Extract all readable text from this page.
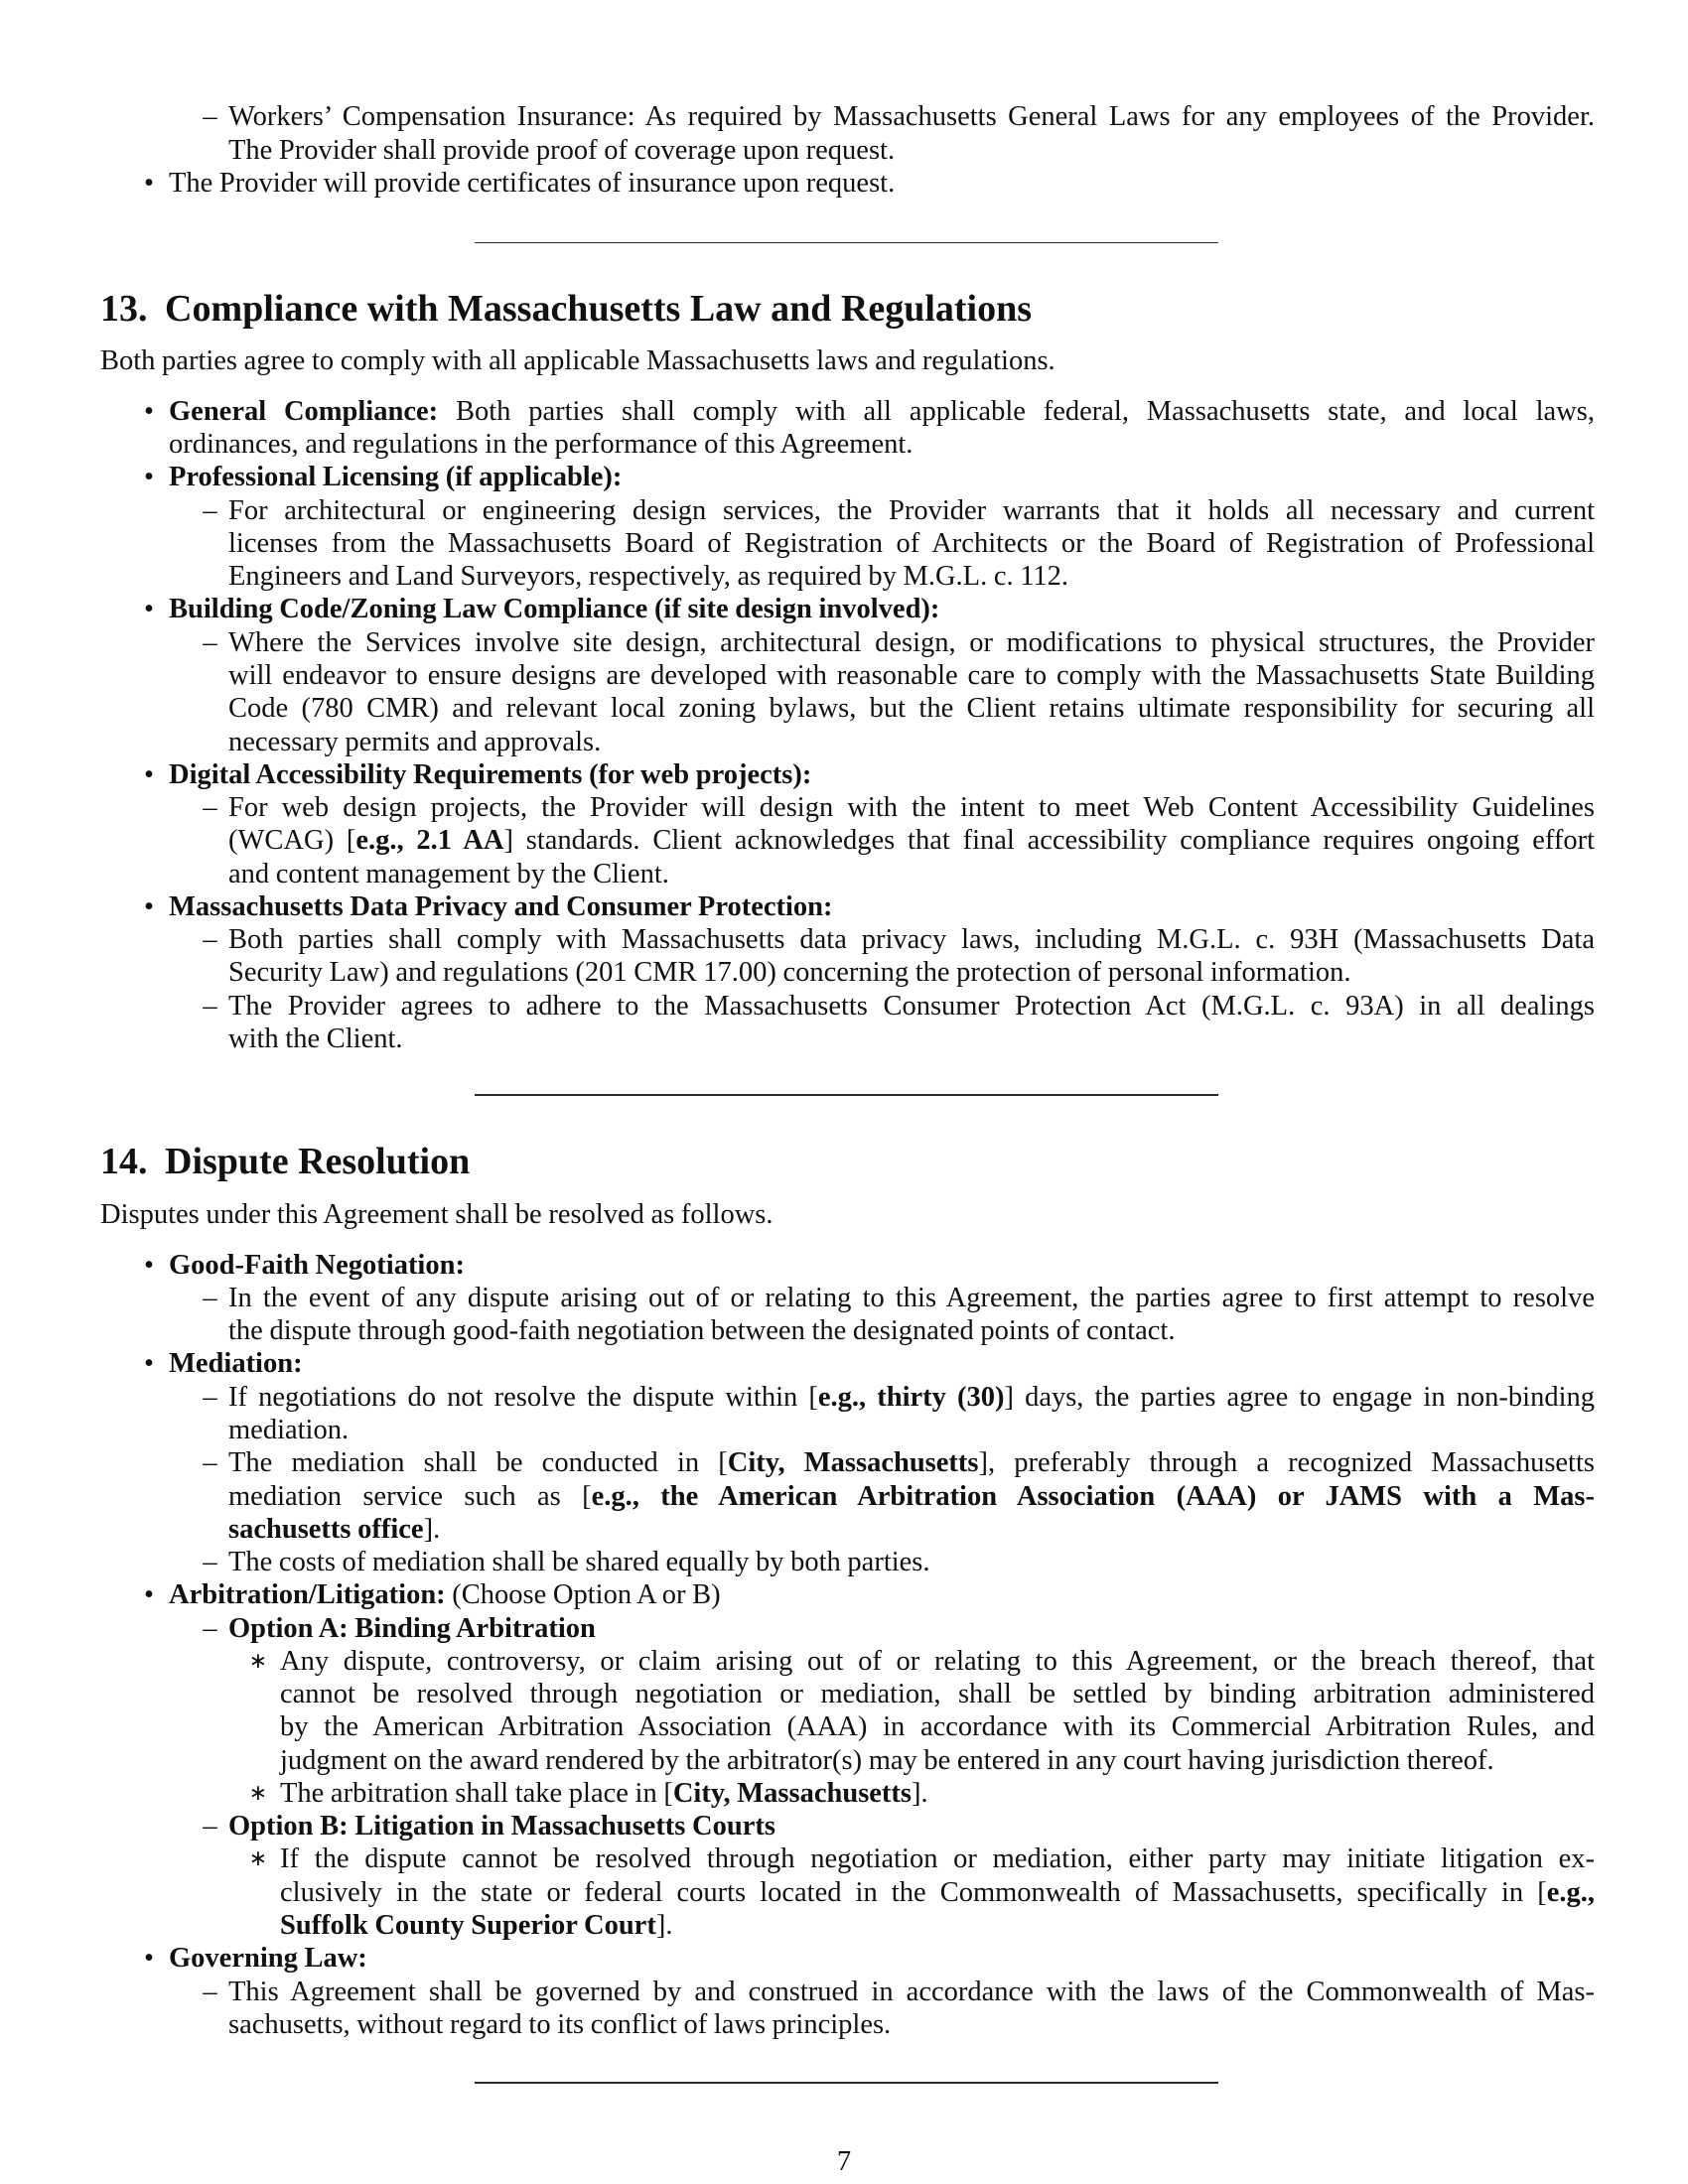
–
Workers’ Compensation Insurance: As required by Massachusetts General Laws for any employees of the Provider.
The Provider shall provide proof of coverage upon request.
•
The Provider will provide certificates of insurance upon request.
13. Compliance with Massachusetts Law and Regulations

Both parties agree to comply with all applicable Massachusetts laws and regulations.

•
General Compliance: Both parties shall comply with all applicable federal, Massachusetts state, and local laws,
ordinances, and regulations in the performance of this Agreement.
•
Professional Licensing (if applicable):
–
For architectural or engineering design services, the Provider warrants that it holds all necessary and current
licenses from the Massachusetts Board of Registration of Architects or the Board of Registration of Professional
Engineers and Land Surveyors, respectively, as required by M.G.L. c. 112.
•
Building Code/Zoning Law Compliance (if site design involved):
–
Where the Services involve site design, architectural design, or modifications to physical structures, the Provider
will endeavor to ensure designs are developed with reasonable care to comply with the Massachusetts State Building
Code (780 CMR) and relevant local zoning bylaws, but the Client retains ultimate responsibility for securing all
necessary permits and approvals.
•
Digital Accessibility Requirements (for web projects):
–
For web design projects, the Provider will design with the intent to meet Web Content Accessibility Guidelines
(WCAG) [e.g., 2.1 AA] standards. Client acknowledges that final accessibility compliance requires ongoing effort
and content management by the Client.
•
Massachusetts Data Privacy and Consumer Protection:
–
Both parties shall comply with Massachusetts data privacy laws, including M.G.L. c. 93H (Massachusetts Data
Security Law) and regulations (201 CMR 17.00) concerning the protection of personal information.
–
The Provider agrees to adhere to the Massachusetts Consumer Protection Act (M.G.L. c. 93A) in all dealings
with the Client.
14. Dispute Resolution

Disputes under this Agreement shall be resolved as follows.

•
Good-Faith Negotiation:
–
In the event of any dispute arising out of or relating to this Agreement, the parties agree to first attempt to resolve
the dispute through good-faith negotiation between the designated points of contact.
•
Mediation:
–
If negotiations do not resolve the dispute within [e.g., thirty (30)] days, the parties agree to engage in non-binding
mediation.
–
The mediation shall be conducted in [City, Massachusetts], preferably through a recognized Massachusetts
mediation service such as [e.g., the American Arbitration Association (AAA) or JAMS with a Mas-
sachusetts office].
–
The costs of mediation shall be shared equally by both parties.
•
Arbitration/Litigation: (Choose Option A or B)
–
Option A: Binding Arbitration
∗
Any dispute, controversy, or claim arising out of or relating to this Agreement, or the breach thereof, that
cannot be resolved through negotiation or mediation, shall be settled by binding arbitration administered
by the American Arbitration Association (AAA) in accordance with its Commercial Arbitration Rules, and
judgment on the award rendered by the arbitrator(s) may be entered in any court having jurisdiction thereof.
∗
The arbitration shall take place in [City, Massachusetts].
–
Option B: Litigation in Massachusetts Courts
∗
If the dispute cannot be resolved through negotiation or mediation, either party may initiate litigation ex-
clusively in the state or federal courts located in the Commonwealth of Massachusetts, specifically in [e.g.,
Suffolk County Superior Court].
•
Governing Law:
–
This Agreement shall be governed by and construed in accordance with the laws of the Commonwealth of Mas-
sachusetts, without regard to its conflict of laws principles.
7
